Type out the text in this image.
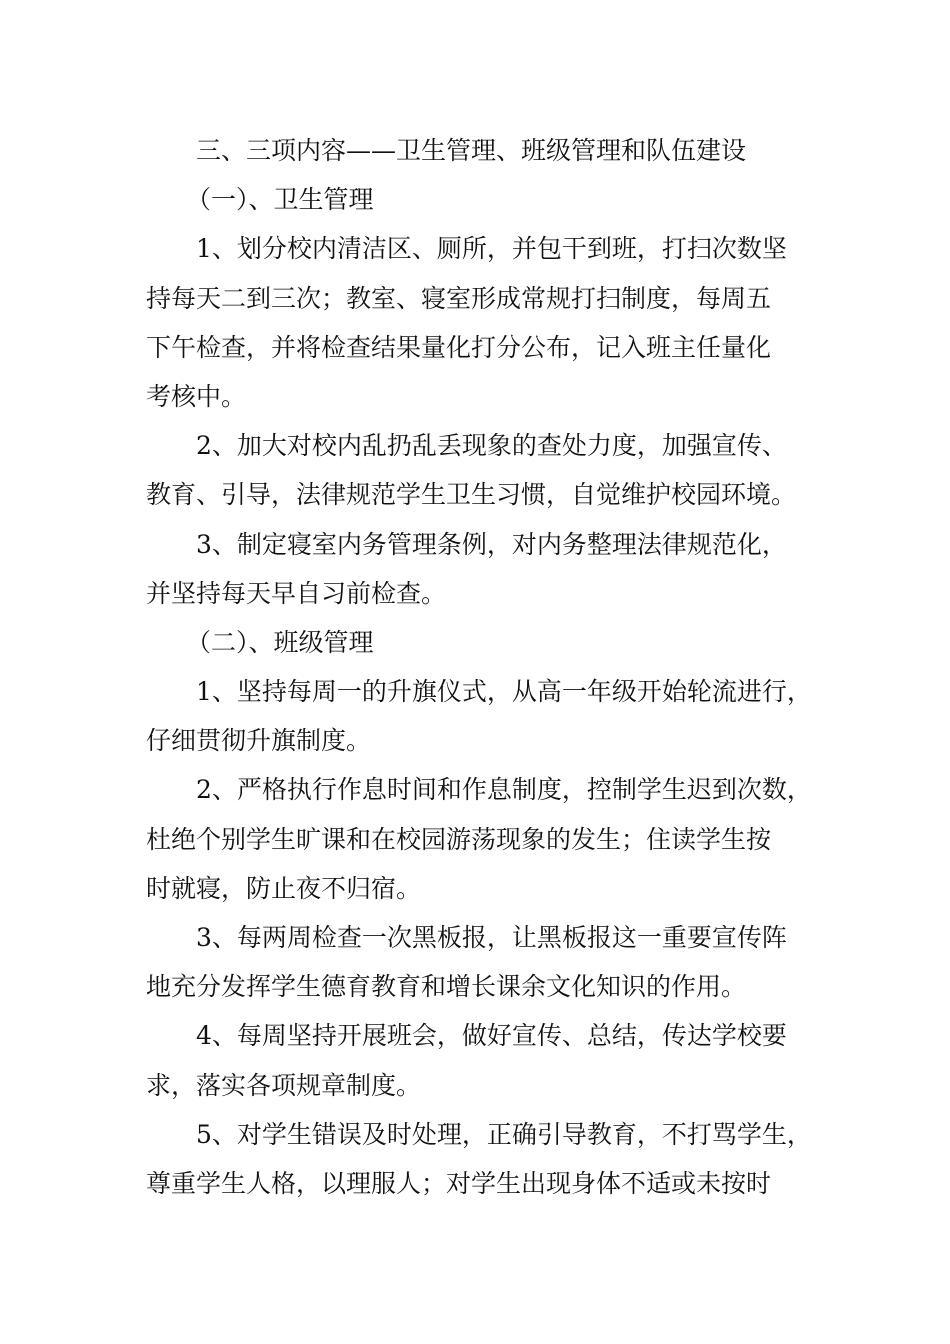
三、三项内容——卫生管理、班级管理和队伍建设
（一）、卫生管理
1、划分校内清洁区、厕所，并包干到班，打扫次数坚
持每天二到三次；教室、寝室形成常规打扫制度，每周五
下午检查，并将检查结果量化打分公布，记入班主任量化
考核中。
2、加大对校内乱扔乱丢现象的查处力度，加强宣传、
教育、引导，法律规范学生卫生习惯，自觉维护校园环境。
3、制定寝室内务管理条例，对内务整理法律规范化，
并坚持每天早自习前检查。
（二）、班级管理
1、坚持每周一的升旗仪式，从高一年级开始轮流进行，
仔细贯彻升旗制度。
2、严格执行作息时间和作息制度，控制学生迟到次数，
杜绝个别学生旷课和在校园游荡现象的发生；住读学生按
时就寝，防止夜不归宿。
3、每两周检查一次黑板报，让黑板报这一重要宣传阵
地充分发挥学生德育教育和增长课余文化知识的作用。
4、每周坚持开展班会，做好宣传、总结，传达学校要
求，落实各项规章制度。
5、对学生错误及时处理，正确引导教育，不打骂学生，
尊重学生人格，以理服人；对学生出现身体不适或未按时
